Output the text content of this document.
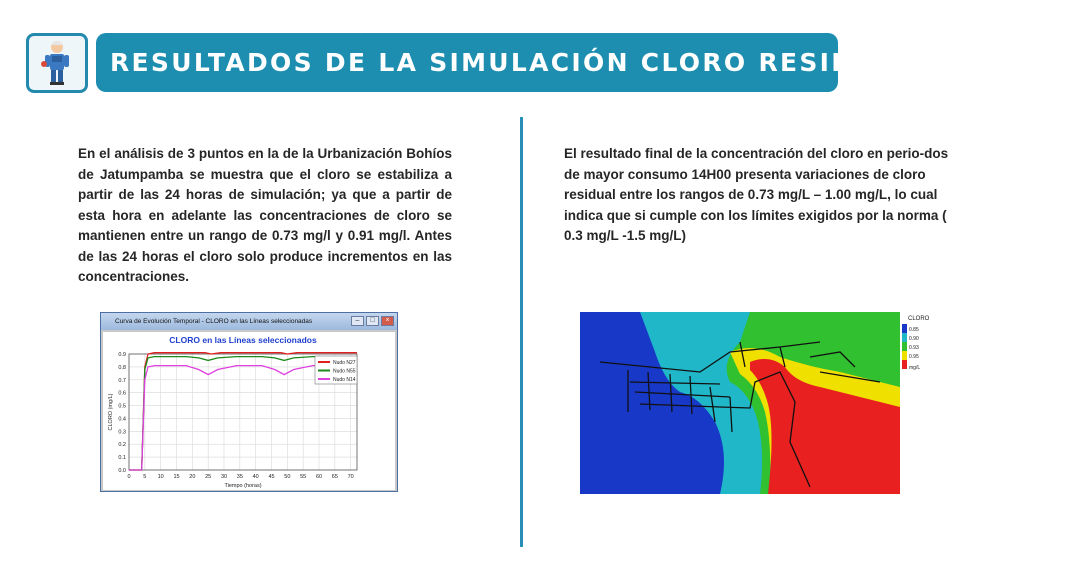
RESULTADOS DE LA SIMULACIÓN CLORO RESIDUAL - EPANET

En el análisis de 3 puntos en la de la Urbanización Bohíos de Jatumpamba se muestra que el cloro se estabiliza a partir de las 24 horas de simulación; ya que a partir de esta hora en adelante las concentraciones de cloro se mantienen entre un rango de 0.73 mg/l y 0.91 mg/l. Antes de las 24 horas el cloro solo produce incrementos en las concentraciones.

El resultado final de la concentración del cloro en perio-dos de mayor consumo 14H00 presenta variaciones de cloro residual entre los rangos de 0.73 mg/L – 1.00 mg/L, lo cual indica que si cumple con los límites exigidos por la norma ( 0.3 mg/L -1.5 mg/L)

Curva de Evolución Temporal - CLORO en las Líneas seleccionadas	–	□	×
CLORO en las Líneas seleccionados
0.0
0.1
0.2
0.3
0.4
0.5
0.6
0.7
0.8
0.9
0 5 10 15 20 25 30 35 40 45 50 55 60 65 70
Tiempo (horas)
CLORO (mg/L)
Nudo N27
Nudo N55
Nudo N14
CLORO
0.85
0.90
0.93
0.95
mg/L
